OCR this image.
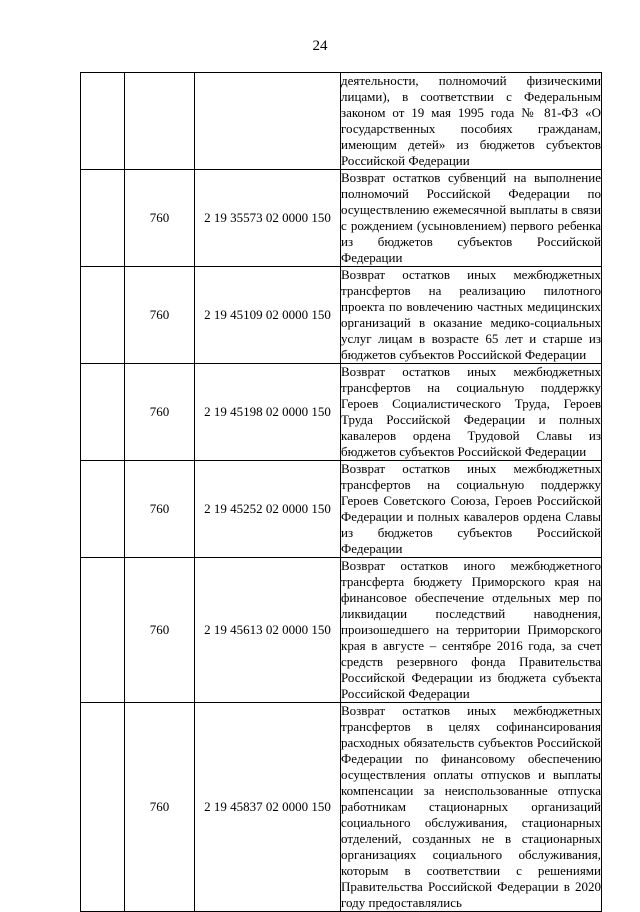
24

			деятельности, полномочий физическими лицами), в соответствии с Федеральным законом от 19 мая 1995 года № 81-ФЗ «О государственных пособиях гражданам, имеющим детей» из бюджетов субъектов Российской Федерации

	760	2 19 35573 02 0000 150	Возврат остатков субвенций на выполнение полномочий Российской Федерации по осуществлению ежемесячной выплаты в связи с рождением (усыновлением) первого ребенка из бюджетов субъектов Российской Федерации

	760	2 19 45109 02 0000 150	Возврат остатков иных межбюджетных трансфертов на реализацию пилотного проекта по вовлечению частных медицинских организаций в оказание медико-социальных услуг лицам в возрасте 65 лет и старше из бюджетов субъектов Российской Федерации

	760	2 19 45198 02 0000 150	Возврат остатков иных межбюджетных трансфертов на социальную поддержку Героев Социалистического Труда, Героев Труда Российской Федерации и полных кавалеров ордена Трудовой Славы из бюджетов субъектов Российской Федерации

	760	2 19 45252 02 0000 150	Возврат остатков иных межбюджетных трансфертов на социальную поддержку Героев Советского Союза, Героев Российской Федерации и полных кавалеров ордена Славы из бюджетов субъектов Российской Федерации

	760	2 19 45613 02 0000 150	Возврат остатков иного межбюджетного трансферта бюджету Приморского края на финансовое обеспечение отдельных мер по ликвидации последствий наводнения, произошедшего на территории Приморского края в августе – сентябре 2016 года, за счет средств резервного фонда Правительства Российской Федерации из бюджета субъекта Российской Федерации

	760	2 19 45837 02 0000 150	Возврат остатков иных межбюджетных трансфертов в целях софинансирования расходных обязательств субъектов Российской Федерации по финансовому обеспечению осуществления оплаты отпусков и выплаты компенсации за неиспользованные отпуска работникам стационарных организаций социального обслуживания, стационарных отделений, созданных не в стационарных организациях социального обслуживания, которым в соответствии с решениями Правительства Российской Федерации в 2020 году предоставлялись
